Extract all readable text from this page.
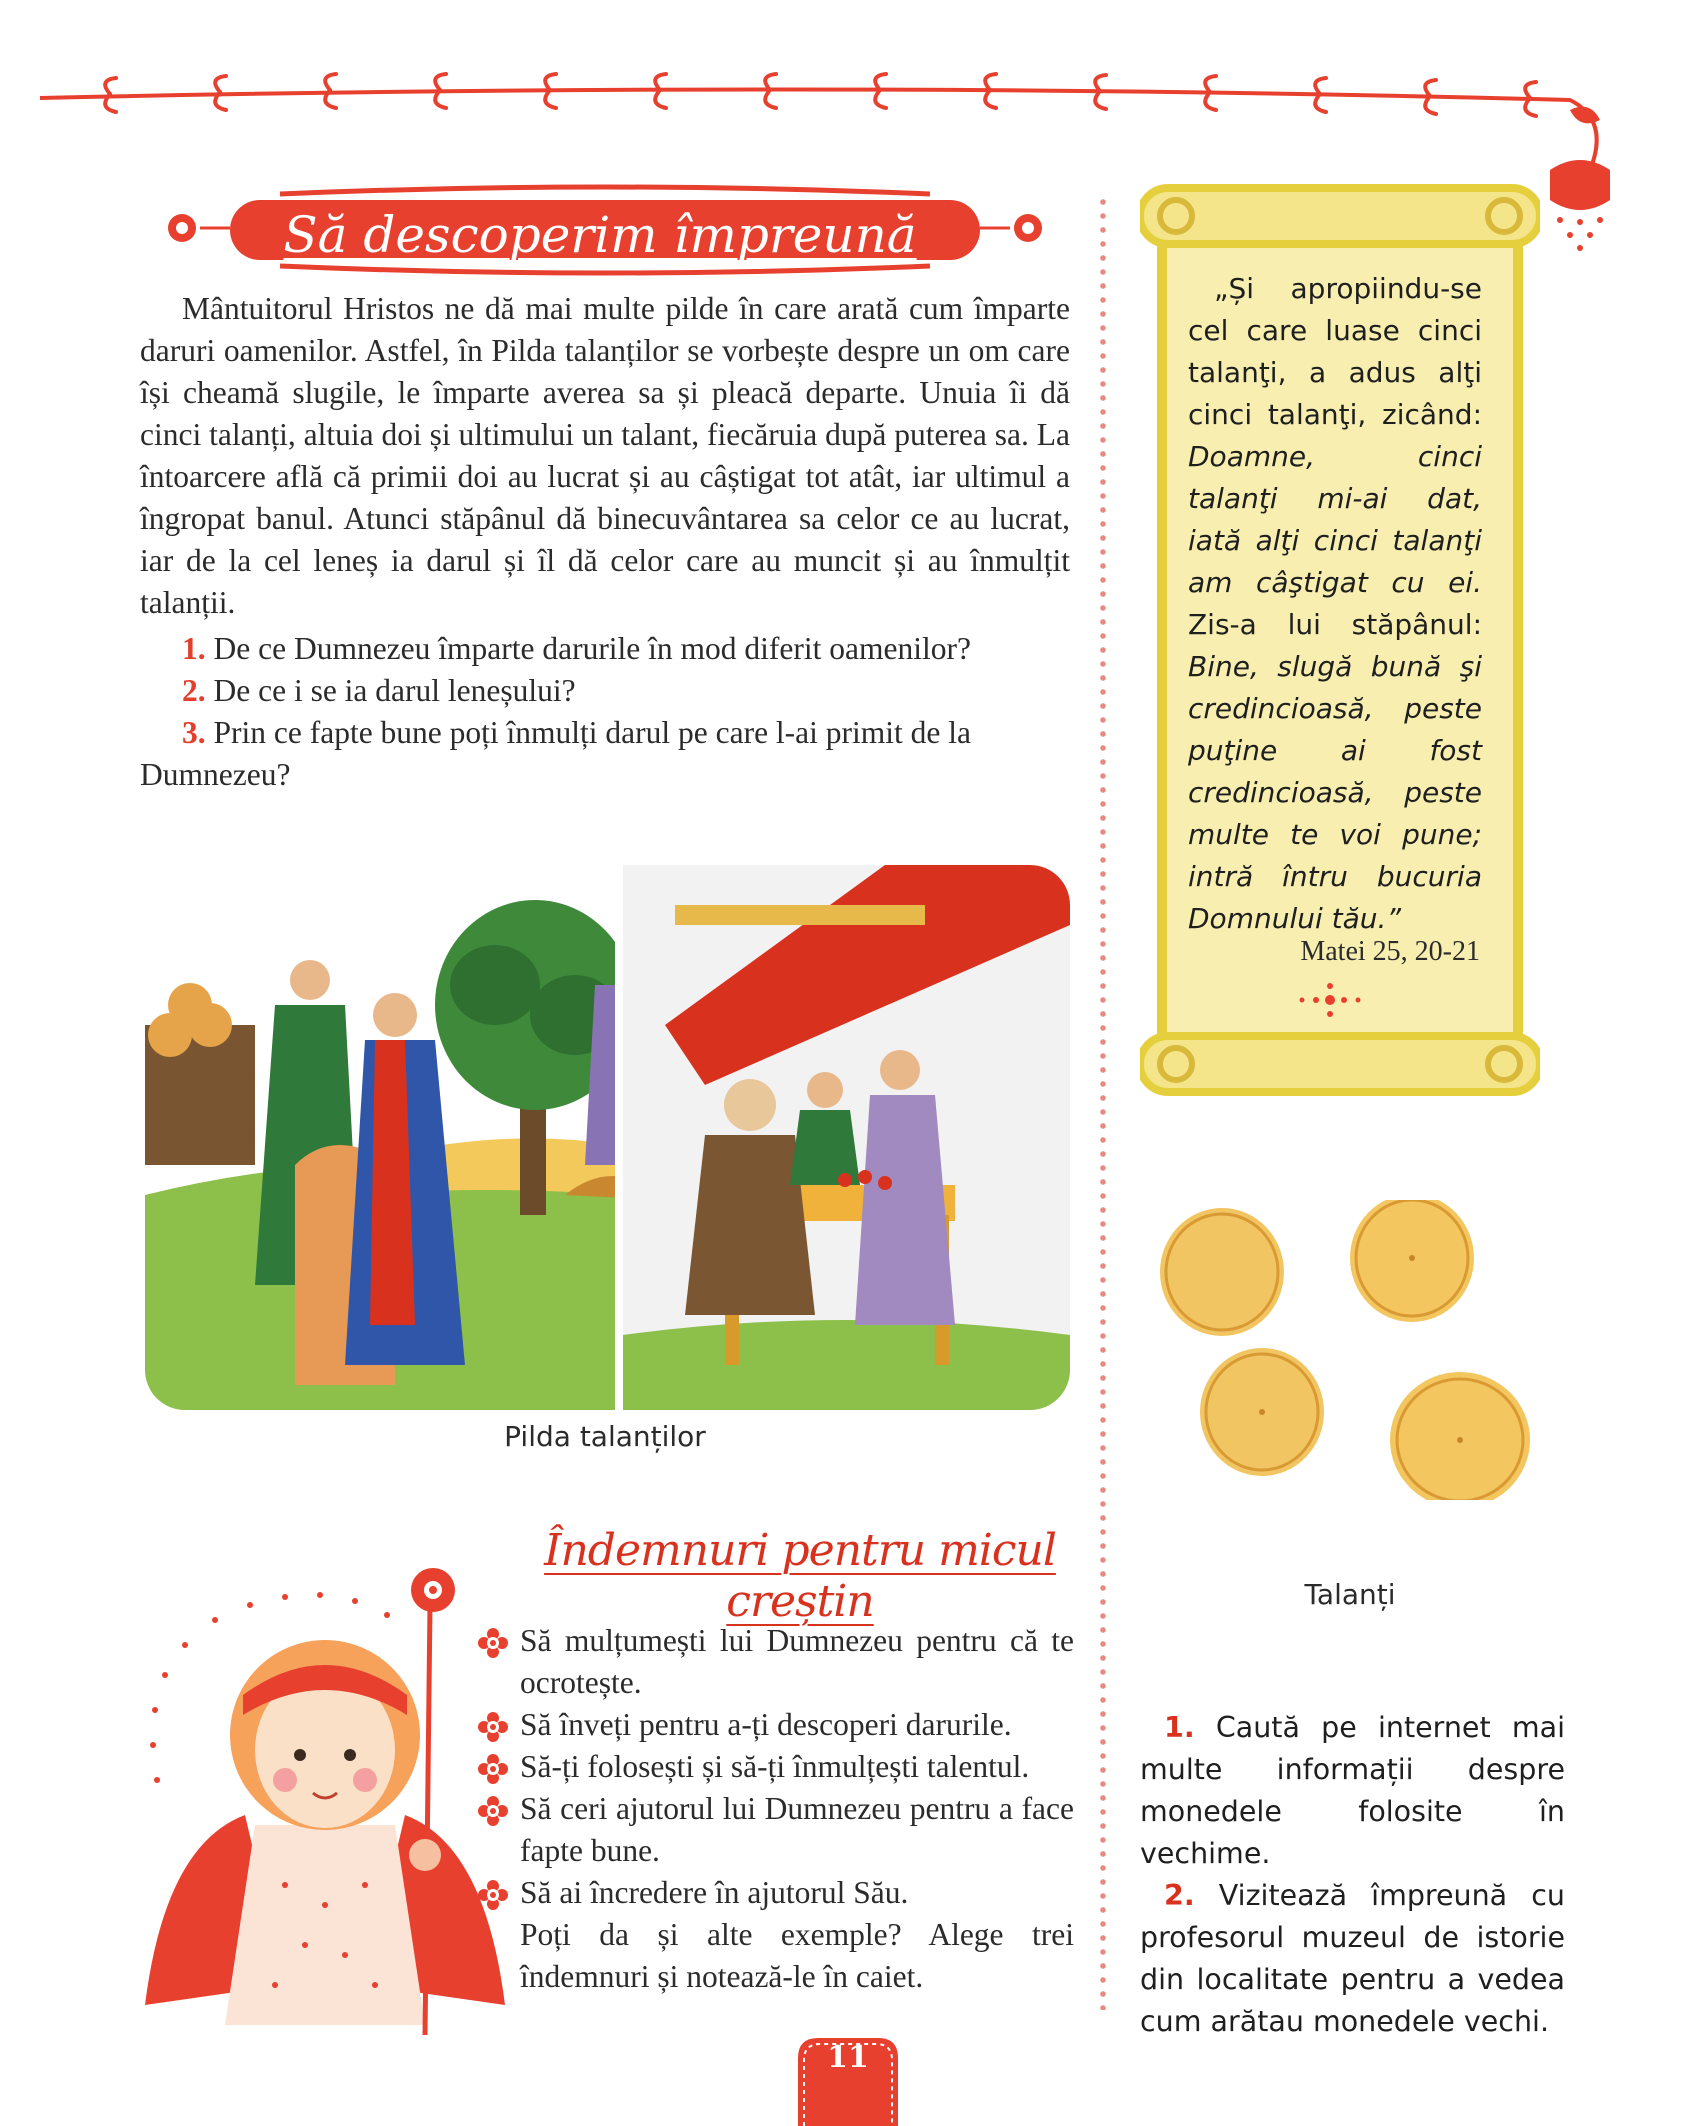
Să descoperim împreună

Mântuitorul Hristos ne dă mai multe pilde în care arată cum împarte daruri oamenilor. Astfel, în Pilda talanților se vorbește despre un om care își cheamă slugile, le împarte averea sa și pleacă departe. Unuia îi dă cinci talanți, altuia doi și ultimului un talant, fiecăruia după puterea sa. La întoarcere află că primii doi au lucrat și au câștigat tot atât, iar ultimul a îngropat banul. Atunci stăpânul dă binecuvântarea sa celor ce au lucrat, iar de la cel leneș ia darul și îl dă celor care au muncit și au înmulțit talanții.

1. De ce Dumnezeu împarte darurile în mod diferit oamenilor?
2. De ce i se ia darul leneșului?
3. Prin ce fapte bune poți înmulți darul pe care l-ai primit de la Dumnezeu?

„Și apropiindu-se cel care luase cinci talanţi, a adus alţi cinci talanţi, zicând: Doamne, cinci talanţi mi-ai dat, iată alţi cinci talanţi am câştigat cu ei. Zis-a lui stăpânul: Bine, slugă bună şi credincioasă, peste puţine ai fost credincioasă, peste multe te voi pune; intră întru bucuria Domnului tău.”

Matei 25, 20-21
Pilda talanților
Talanți
Îndemnuri pentru micul creștin
Să mulțumești lui Dumnezeu pentru că te ocrotește.
Să înveți pentru a-ți descoperi darurile.
Să-ți folosești și să-ți înmulțești talentul.
Să ceri ajutorul lui Dumnezeu pentru a face fapte bune.
Să ai încredere în ajutorul Său.
Poți da și alte exemple? Alege trei îndemnuri și notează-le în caiet.
1. Caută pe internet mai multe informații despre monedele folosite în vechime.
2. Vizitează împreună cu profesorul muzeul de istorie din localitate pentru a vedea cum arătau monedele vechi.
11
